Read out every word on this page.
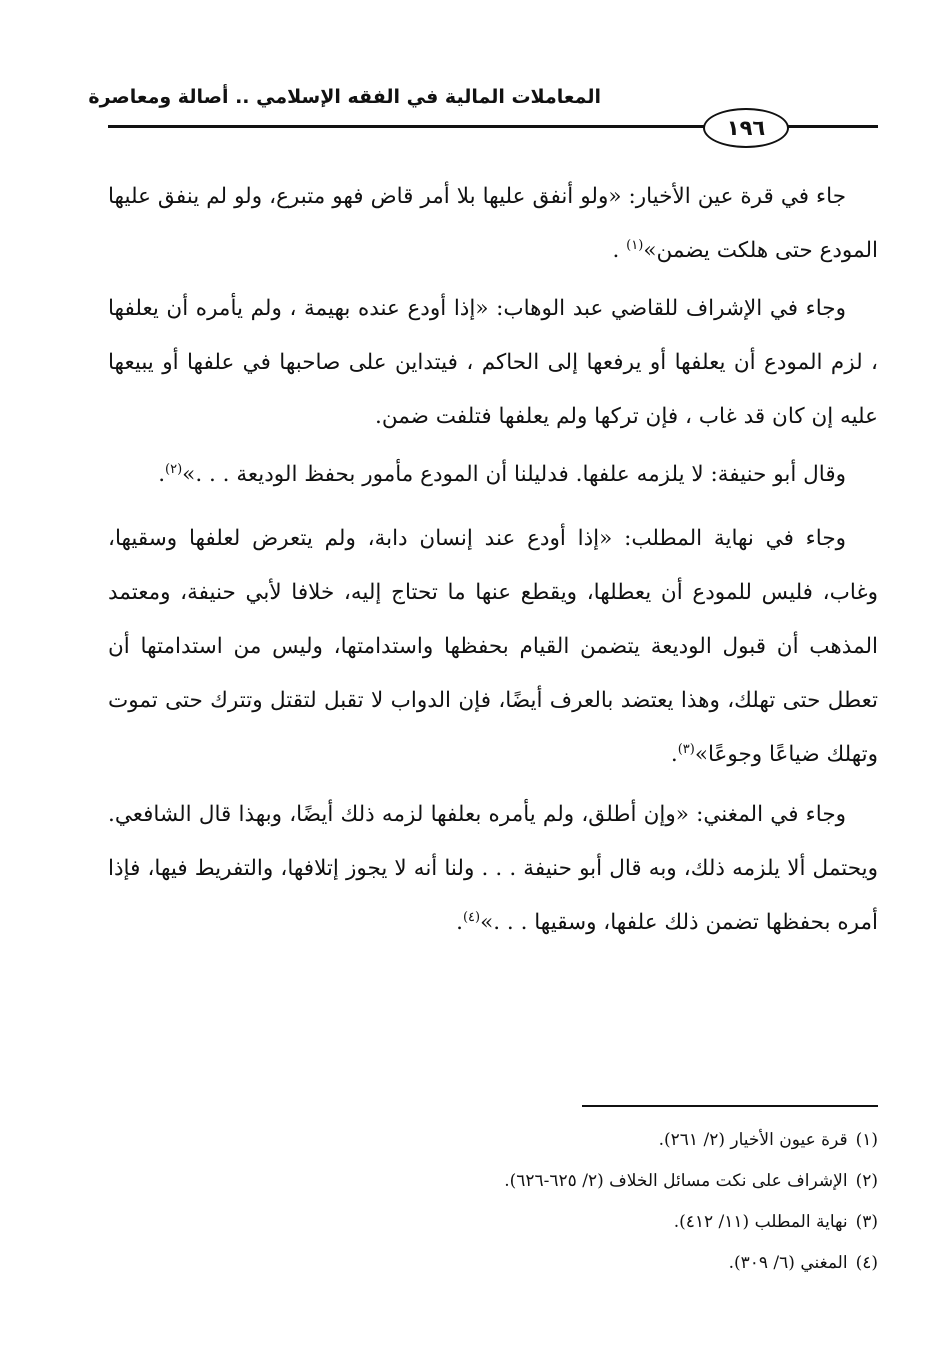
المعاملات المالية في الفقه الإسلامي .. أصالة ومعاصرة
١٩٦

جاء في قرة عين الأخيار: «ولو أنفق عليها بلا أمر قاض فهو متبرع، ولو لم ينفق عليها المودع حتى هلكت يضمن»$^{(١)}$ .

وجاء في الإشراف للقاضي عبد الوهاب: «إذا أودع عنده بهيمة ، ولم يأمره أن يعلفها ، لزم المودع أن يعلفها أو يرفعها إلى الحاكم ، فيتداين على صاحبها في علفها أو يبيعها عليه إن كان قد غاب ، فإن تركها ولم يعلفها فتلفت ضمن.

وقال أبو حنيفة: لا يلزمه علفها. فدليلنا أن المودع مأمور بحفظ الوديعة . . .»$^{(٢)}$.

وجاء في نهاية المطلب: «إذا أودع عند إنسان دابة، ولم يتعرض لعلفها وسقيها، وغاب، فليس للمودع أن يعطلها، ويقطع عنها ما تحتاج إليه، خلافا لأبي حنيفة، ومعتمد المذهب أن قبول الوديعة يتضمن القيام بحفظها واستدامتها، وليس من استدامتها أن تعطل حتى تهلك، وهذا يعتضد بالعرف أيضًا، فإن الدواب لا تقبل لتقتل وتترك حتى تموت وتهلك ضياعًا وجوعًا»$^{(٣)}$.

وجاء في المغني: «وإن أطلق، ولم يأمره بعلفها لزمه ذلك أيضًا، وبهذا قال الشافعي. ويحتمل ألا يلزمه ذلك، وبه قال أبو حنيفة . . . ولنا أنه لا يجوز إتلافها، والتفريط فيها، فإذا أمره بحفظها تضمن ذلك علفها، وسقيها . . .»$^{(٤)}$.

(١)قرة عيون الأخيار (٢/ ٢٦١).

(٢)الإشراف على نكت مسائل الخلاف (٢/ ٦٢٥-٦٢٦).

(٣)نهاية المطلب (١١/ ٤١٢).

(٤)المغني (٦/ ٣٠٩).
